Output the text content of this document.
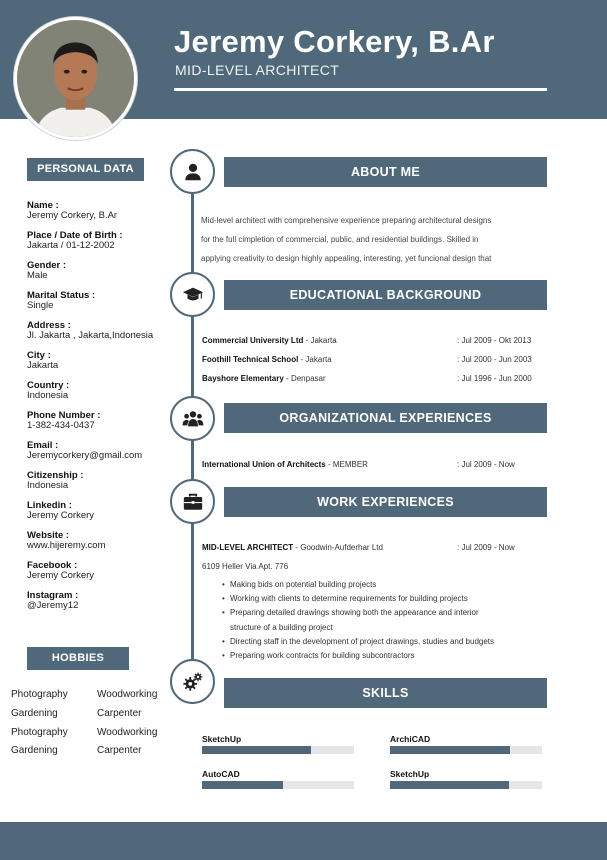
Jeremy Corkery, B.Ar
MID-LEVEL ARCHITECT
PERSONAL DATA
Name :
Jeremy Corkery, B.Ar
Place / Date of Birth :
Jakarta / 01-12-2002
Gender :
Male
Marital Status :
Single
Address :
Jl. Jakarta , Jakarta,Indonesia
City :
Jakarta
Country :
Indonesia
Phone Number :
1-382-434-0437
Email :
Jeremycorkery@gmail.com
Citizenship :
Indonesia
Linkedin :
Jeremy Corkery
Website :
www.hijeremy.com
Facebook :
Jeremy Corkery
Instagram :
@Jeremy12
HOBBIES
Photography	Woodworking
Gardening	Carpenter
Photography	Woodworking
Gardening	Carpenter
ABOUT ME
Mid-level architect with comprehensive experience preparing architectural designs
for the full cimpletion of commercial, public, and residential buildings. Skilled in
applying creativity to design highly appealing, interesting, yet funcional design that
EDUCATIONAL BACKGROUND
Commercial University Ltd - Jakarta	: Jul 2009 - Okt 2013
Foothill Technical School - Jakarta	: Jul 2000 - Jun 2003
Bayshore Elementary - Denpasar	: Jul 1996 - Jun 2000
ORGANIZATIONAL EXPERIENCES
International Union of Architects - MEMBER	: Jul 2009 - Now
WORK EXPERIENCES
MID-LEVEL ARCHITECT - Goodwin-Aufderhar Ltd	: Jul 2009 - Now
6109 Heller Via Apt. 776
• Making bids on potential building projects
• Working with clients to determine requirements for building projects
• Preparing detailed drawings showing both the appearance and interior
structure of a building project
• Directing staff in the development of project drawings, studies and budgets
• Preparing work contracts for building subcontractors
SKILLS
SketchUp	ArchiCAD
AutoCAD	SketchUp
